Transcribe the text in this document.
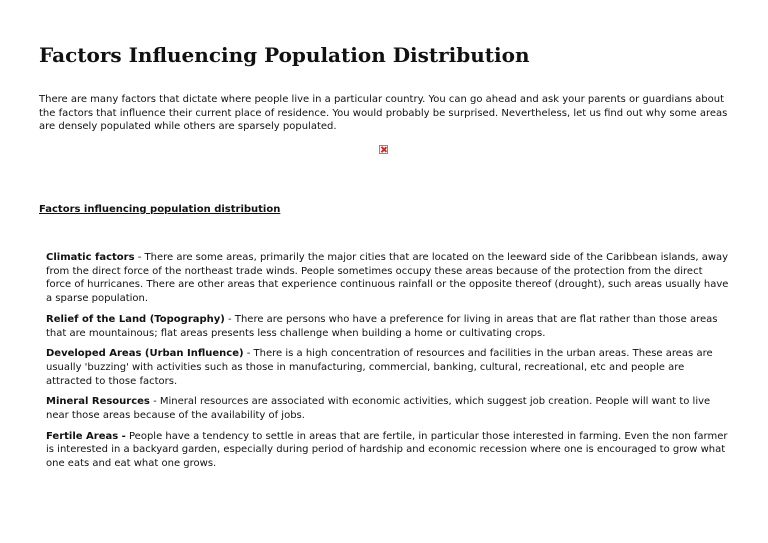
Factors Influencing Population Distribution

There are many factors that dictate where people live in a particular country. You can go ahead and ask your parents or guardians about the factors that influence their current place of residence. You would probably be surprised. Nevertheless, let us find out why some areas are densely populated while others are sparsely populated.

Factors influencing population distribution

Climatic factors - There are some areas, primarily the major cities that are located on the leeward side of the Caribbean islands, away from the direct force of the northeast trade winds. People sometimes occupy these areas because of the protection from the direct force of hurricanes. There are other areas that experience continuous rainfall or the opposite thereof (drought), such areas usually have a sparse population.
Relief of the Land (Topography) - There are persons who have a preference for living in areas that are flat rather than those areas that are mountainous; flat areas presents less challenge when building a home or cultivating crops.
Developed Areas (Urban Influence) - There is a high concentration of resources and facilities in the urban areas. These areas are usually 'buzzing' with activities such as those in manufacturing, commercial, banking, cultural, recreational, etc and people are attracted to those factors.
Mineral Resources - Mineral resources are associated with economic activities, which suggest job creation. People will want to live near those areas because of the availability of jobs.
Fertile Areas - People have a tendency to settle in areas that are fertile, in particular those interested in farming. Even the non farmer is interested in a backyard garden, especially during period of hardship and economic recession where one is encouraged to grow what one eats and eat what one grows.
